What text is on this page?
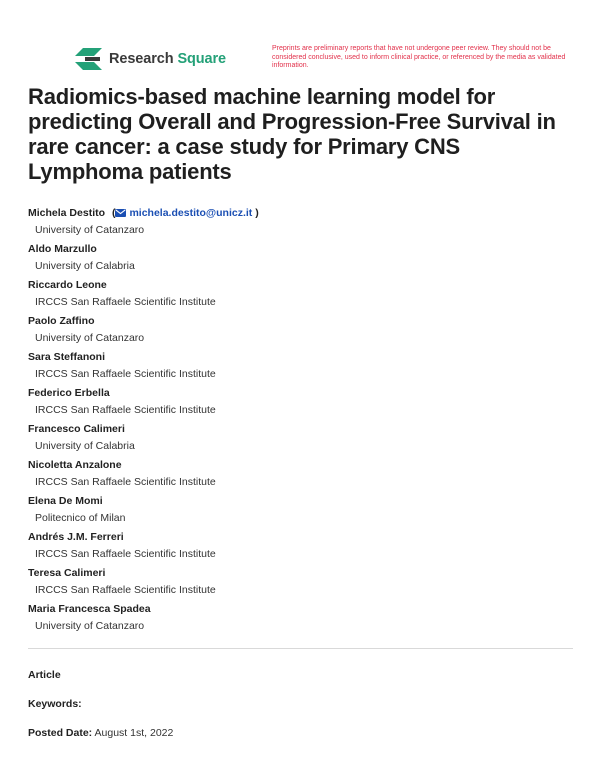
Research Square
Preprints are preliminary reports that have not undergone peer review. They should not be considered conclusive, used to inform clinical practice, or referenced by the media as validated information.
Radiomics-based machine learning model for predicting Overall and Progression-Free Survival in rare cancer: a case study for Primary CNS Lymphoma patients
Michela Destito ( michela.destito@unicz.it )
University of Catanzaro
Aldo Marzullo
University of Calabria
Riccardo Leone
IRCCS San Raffaele Scientific Institute
Paolo Zaffino
University of Catanzaro
Sara Steffanoni
IRCCS San Raffaele Scientific Institute
Federico Erbella
IRCCS San Raffaele Scientific Institute
Francesco Calimeri
University of Calabria
Nicoletta Anzalone
IRCCS San Raffaele Scientific Institute
Elena De Momi
Politecnico of Milan
Andrés J.M. Ferreri
IRCCS San Raffaele Scientific Institute
Teresa Calimeri
IRCCS San Raffaele Scientific Institute
Maria Francesca Spadea
University of Catanzaro
Article
Keywords:
Posted Date: August 1st, 2022
